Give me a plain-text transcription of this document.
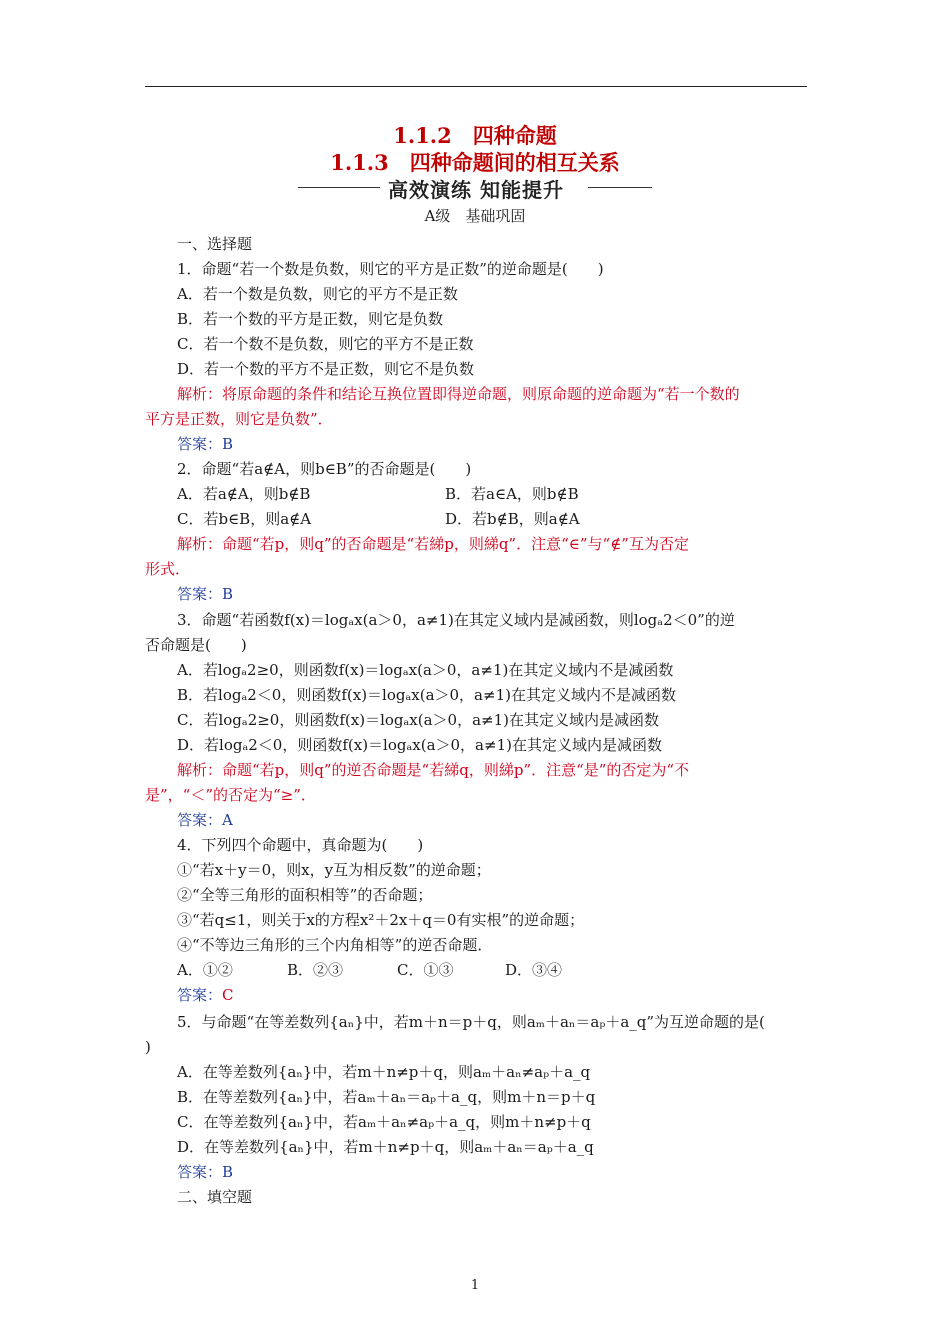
1.1.2　四种命题
1.1.3　四种命题间的相互关系
高效演练 知能提升
A级　基础巩固
一、选择题
1．命题“若一个数是负数，则它的平方是正数”的逆命题是(　　)
A．若一个数是负数，则它的平方不是正数
B．若一个数的平方是正数，则它是负数
C．若一个数不是负数，则它的平方不是正数
D．若一个数的平方不是正数，则它不是负数
解析：将原命题的条件和结论互换位置即得逆命题，则原命题的逆命题为“若一个数的
平方是正数，则它是负数”．
答案：B
2．命题“若a∉A，则b∈B”的否命题是(　　)
A．若a∉A，则b∉B	B．若a∈A，则b∉B
C．若b∈B，则a∉A	D．若b∉B，则a∉A
解析：命题“若p，则q”的否命题是“若綈p，则綈q”．注意“∈”与“∉”互为否定
形式．
答案：B
3．命题“若函数f(x)＝logₐx(a＞0，a≠1)在其定义域内是减函数，则logₐ2＜0”的逆
否命题是(　　)
A．若logₐ2≥0，则函数f(x)＝logₐx(a＞0，a≠1)在其定义域内不是减函数
B．若logₐ2＜0，则函数f(x)＝logₐx(a＞0，a≠1)在其定义域内不是减函数
C．若logₐ2≥0，则函数f(x)＝logₐx(a＞0，a≠1)在其定义域内是减函数
D．若logₐ2＜0，则函数f(x)＝logₐx(a＞0，a≠1)在其定义域内是减函数
解析：命题“若p，则q”的逆否命题是“若綈q，则綈p”．注意“是”的否定为“不
是”，“＜”的否定为“≥”．
答案：A
4．下列四个命题中，真命题为(　　)
①“若x＋y＝0，则x，y互为相反数”的逆命题；
②“全等三角形的面积相等”的否命题；
③“若q≤1，则关于x的方程x²＋2x＋q＝0有实根”的逆命题；
④“不等边三角形的三个内角相等”的逆否命题．
A．①②	B．②③	C．①③	D．③④
答案：C
5．与命题“在等差数列{aₙ}中，若m＋n＝p＋q，则aₘ＋aₙ＝aₚ＋a_q”为互逆命题的是(
)
A．在等差数列{aₙ}中，若m＋n≠p＋q，则aₘ＋aₙ≠aₚ＋a_q
B．在等差数列{aₙ}中，若aₘ＋aₙ＝aₚ＋a_q，则m＋n＝p＋q
C．在等差数列{aₙ}中，若aₘ＋aₙ≠aₚ＋a_q，则m＋n≠p＋q
D．在等差数列{aₙ}中，若m＋n≠p＋q，则aₘ＋aₙ＝aₚ＋a_q
答案：B
二、填空题
1
